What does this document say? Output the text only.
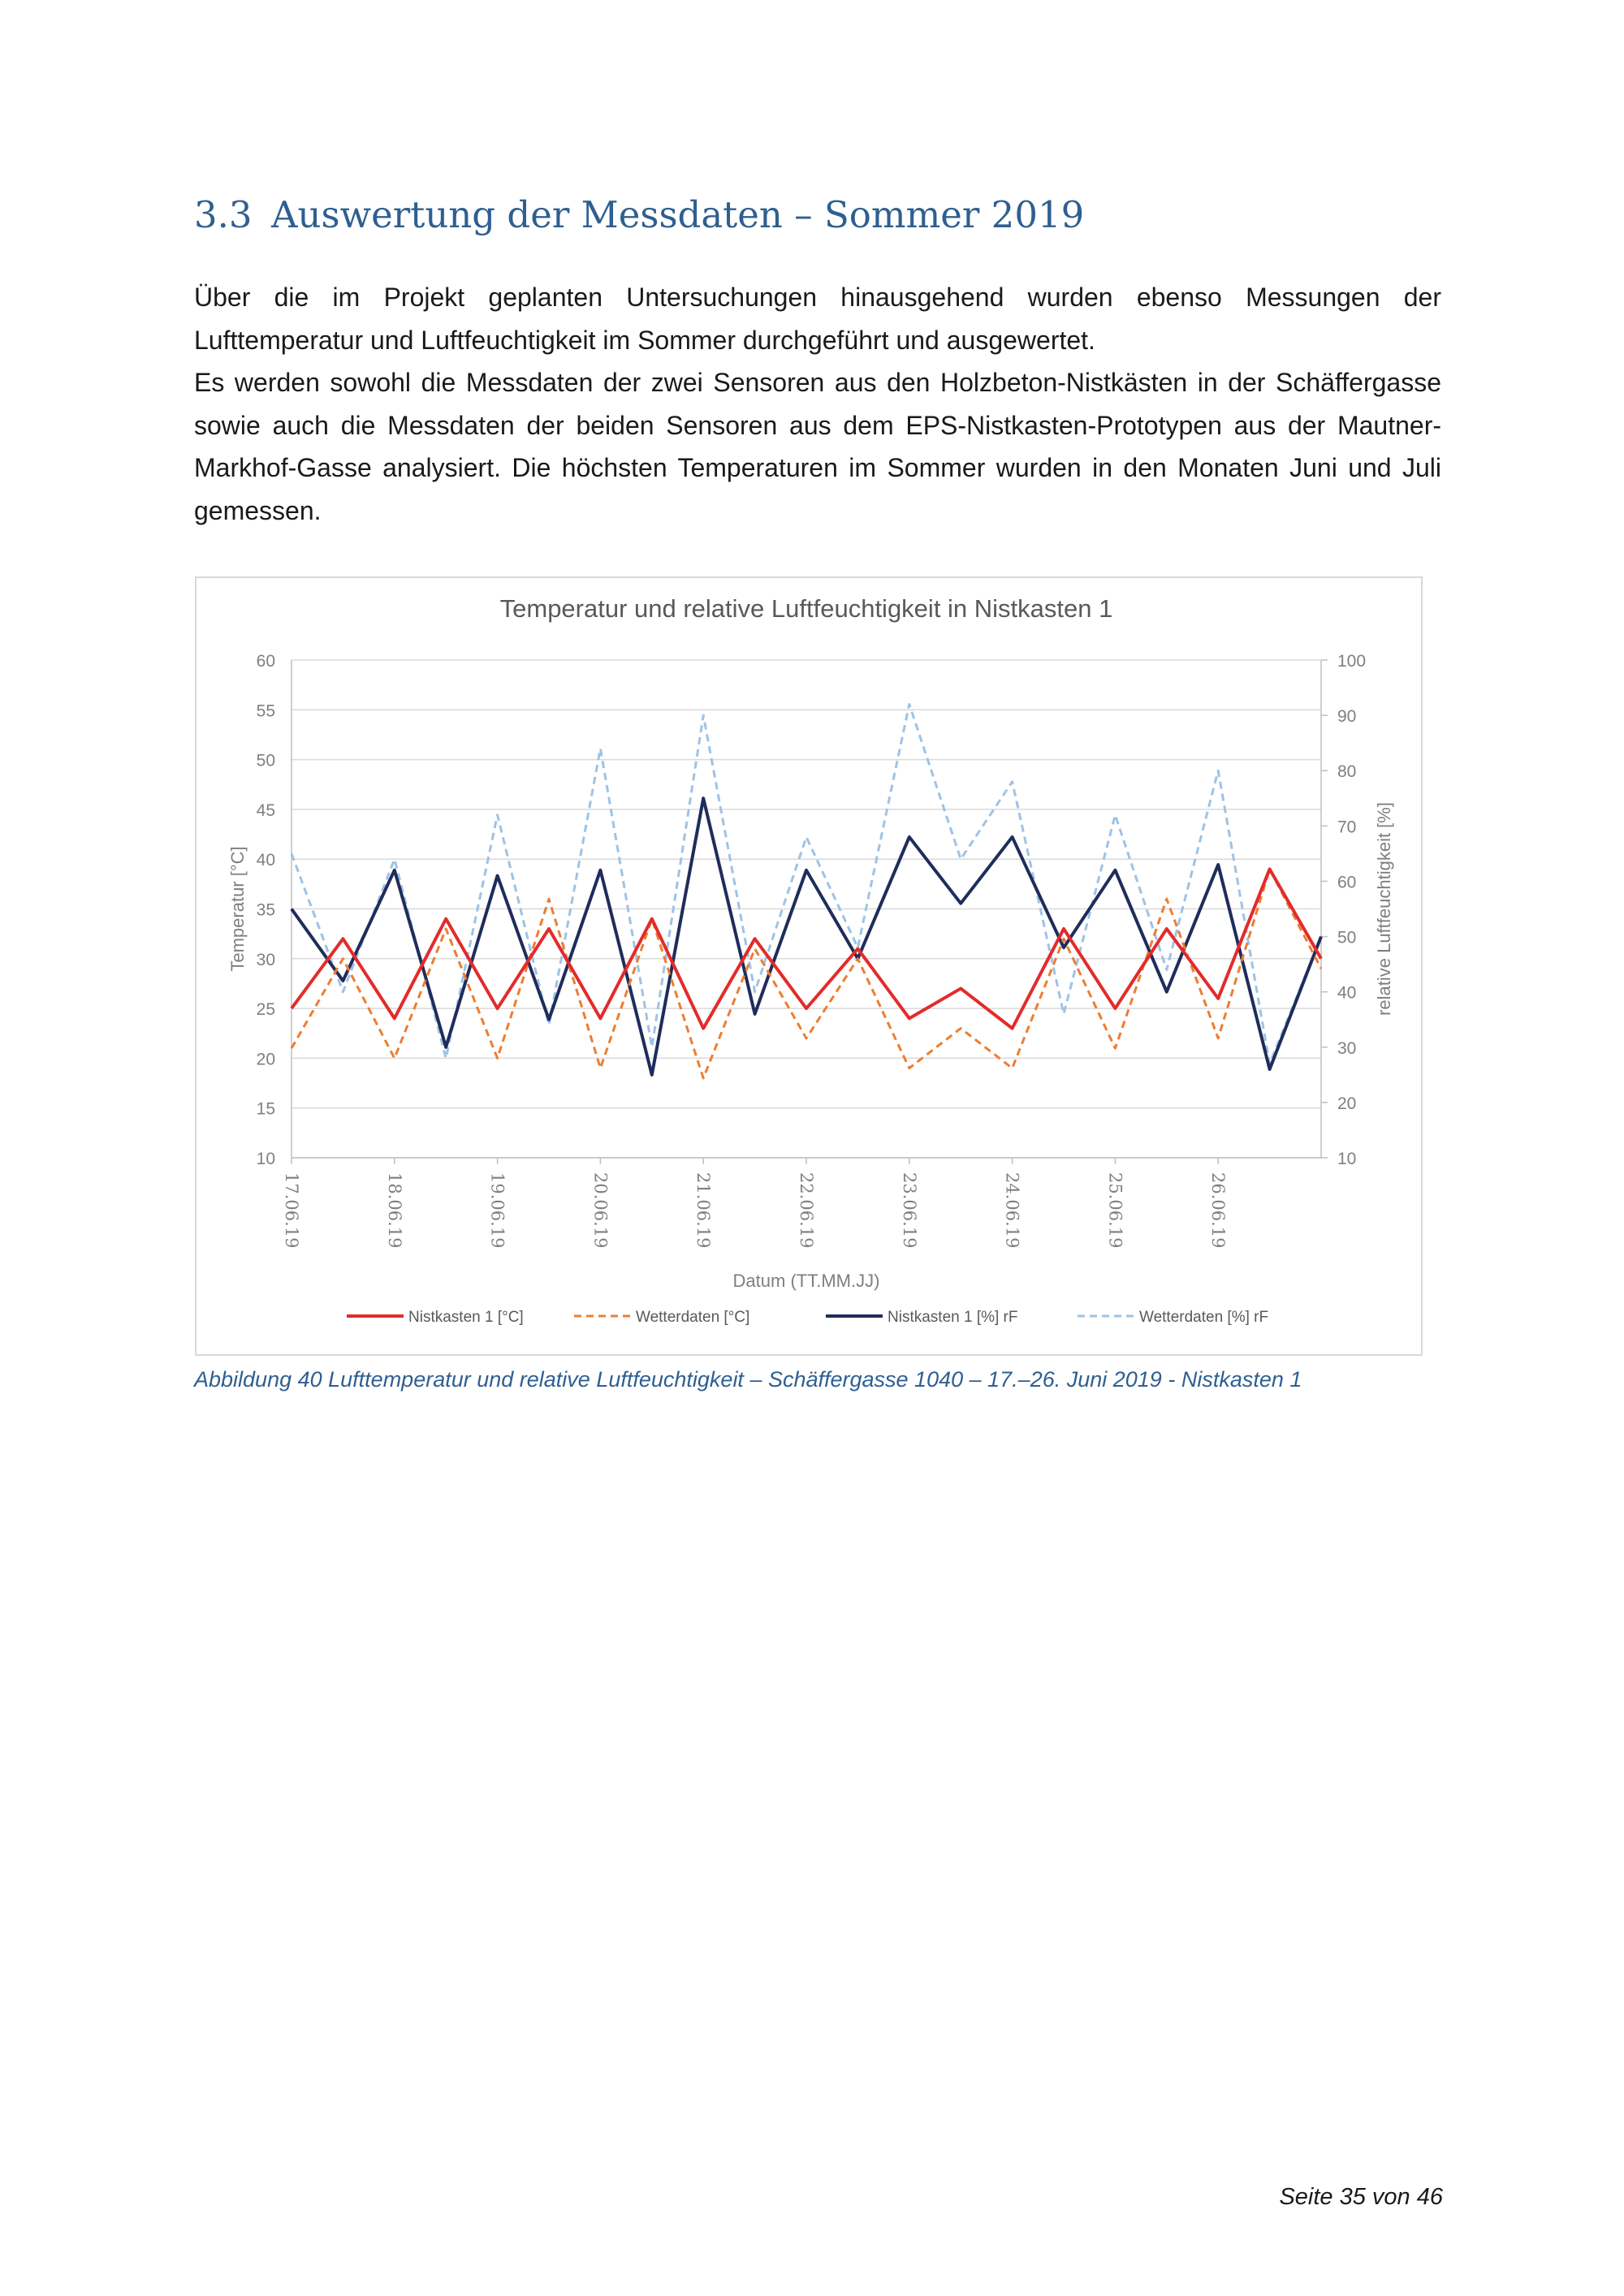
3.3 Auswertung der Messdaten – Sommer 2019

Über die im Projekt geplanten Untersuchungen hinausgehend wurden ebenso Messungen der Lufttemperatur und Luftfeuchtigkeit im Sommer durchgeführt und ausgewertet.

Es werden sowohl die Messdaten der zwei Sensoren aus den Holzbeton-Nistkästen in der Schäffergasse sowie auch die Messdaten der beiden Sensoren aus dem EPS-Nistkasten-Prototypen aus der Mautner-Markhof-Gasse analysiert. Die höchsten Temperaturen im Sommer wurden in den Monaten Juni und Juli gemessen.

Temperatur und relative Luftfeuchtigkeit in Nistkasten 1
10
15
20
25
30
35
40
45
50
55
60
10
20
30
40
50
60
70
80
90
100
17.06.19	18.06.19	19.06.19	20.06.19	21.06.19	22.06.19	23.06.19	24.06.19	25.06.19	26.06.19
Datum (TT.MM.JJ)
Temperatur [°C]	relative Luftfeuchtigkeit [%]
Nistkasten 1 [°C]	Wetterdaten [°C]	Nistkasten 1 [%] rF	Wetterdaten [%] rF

Abbildung 40 Lufttemperatur und relative Luftfeuchtigkeit – Schäffergasse 1040 – 17.–26. Juni 2019 - Nistkasten 1

Seite 35 von 46
